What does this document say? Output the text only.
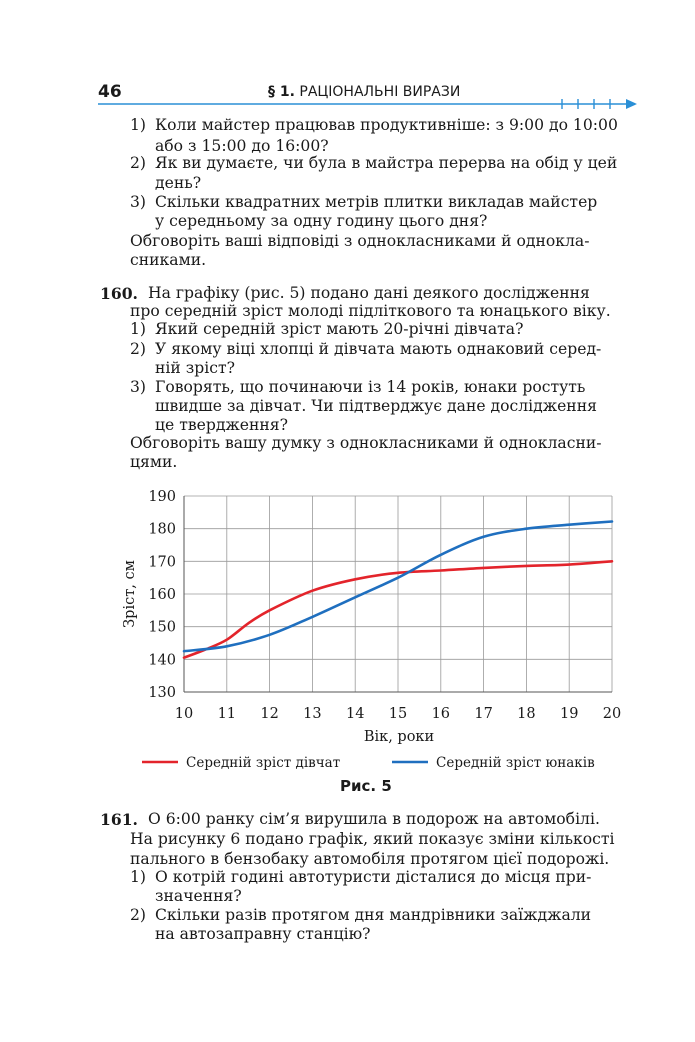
46	§ 1. РАЦІОНАЛЬНІ ВИРАЗИ
1) Коли майстер працював продуктивніше: з 9:00 до 10:00
або з 15:00 до 16:00?
2) Як ви думаєте, чи була в майстра перерва на обід у цей
день?
3) Скільки квадратних метрів плитки викладав майстер
у середньому за одну годину цього дня?
Обговоріть ваші відповіді з однокласниками й однокла-
сниками.
160. На графіку (рис. 5) подано дані деякого дослідження
про середній зріст молоді підліткового та юнацького віку.
1) Який середній зріст мають 20-річні дівчата?
2) У якому віці хлопці й дівчата мають однаковий серед-
ній зріст?
3) Говорять, що починаючи із 14 років, юнаки ростуть
швидше за дівчат. Чи підтверджує дане дослідження
це твердження?
Обговоріть вашу думку з однокласниками й однокласни-
цями.
130
140
150
160
170
180
190
10 11 12 13 14 15 16 17 18 19 20
Вік, роки
Зріст, см
Середній зріст дівчат	Середній зріст юнаків
Рис. 5
161. О 6:00 ранку сім’я вирушила в подорож на автомобілі.
На рисунку 6 подано графік, який показує зміни кількості
пального в бензобаку автомобіля протягом цієї подорожі.
1) О котрій годині автотуристи дісталися до місця при-
значення?
2) Скільки разів протягом дня мандрівники заїжджали
на автозаправну станцію?
